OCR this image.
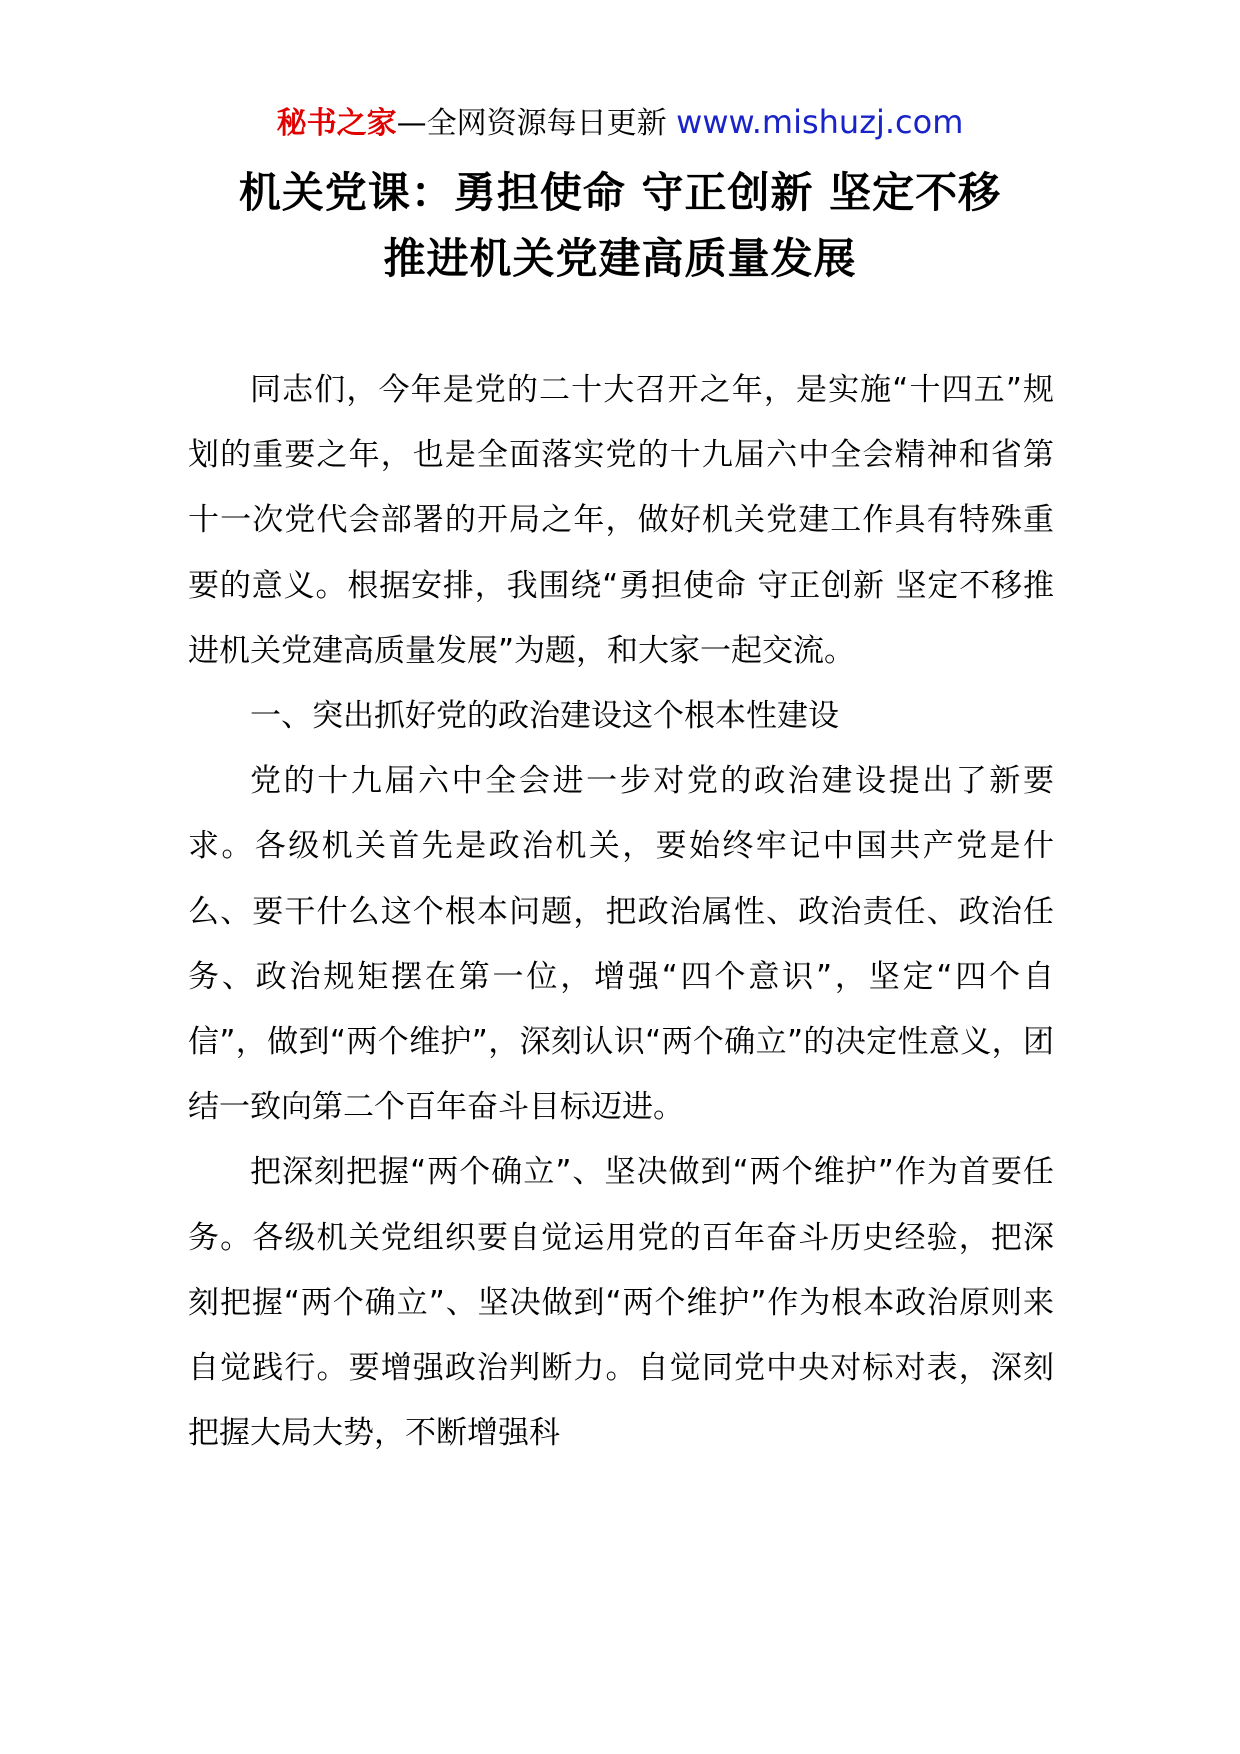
秘书之家—全网资源每日更新 www.mishuzj.com
机关党课：勇担使命 守正创新 坚定不移
推进机关党建高质量发展

同志们，今年是党的二十大召开之年，是实施“十四五”规划的重要之年，也是全面落实党的十九届六中全会精神和省第十一次党代会部署的开局之年，做好机关党建工作具有特殊重要的意义。根据安排，我围绕“勇担使命 守正创新 坚定不移推进机关党建高质量发展”为题，和大家一起交流。

一、突出抓好党的政治建设这个根本性建设

党的十九届六中全会进一步对党的政治建设提出了新要求。各级机关首先是政治机关，要始终牢记中国共产党是什么、要干什么这个根本问题，把政治属性、政治责任、政治任务、政治规矩摆在第一位，增强“四个意识”，坚定“四个自信”，做到“两个维护”，深刻认识“两个确立”的决定性意义，团结一致向第二个百年奋斗目标迈进。

把深刻把握“两个确立”、坚决做到“两个维护”作为首要任务。各级机关党组织要自觉运用党的百年奋斗历史经验，把深刻把握“两个确立”、坚决做到“两个维护”作为根本政治原则来自觉践行。要增强政治判断力。自觉同党中央对标对表，深刻把握大局大势，不断增强科
